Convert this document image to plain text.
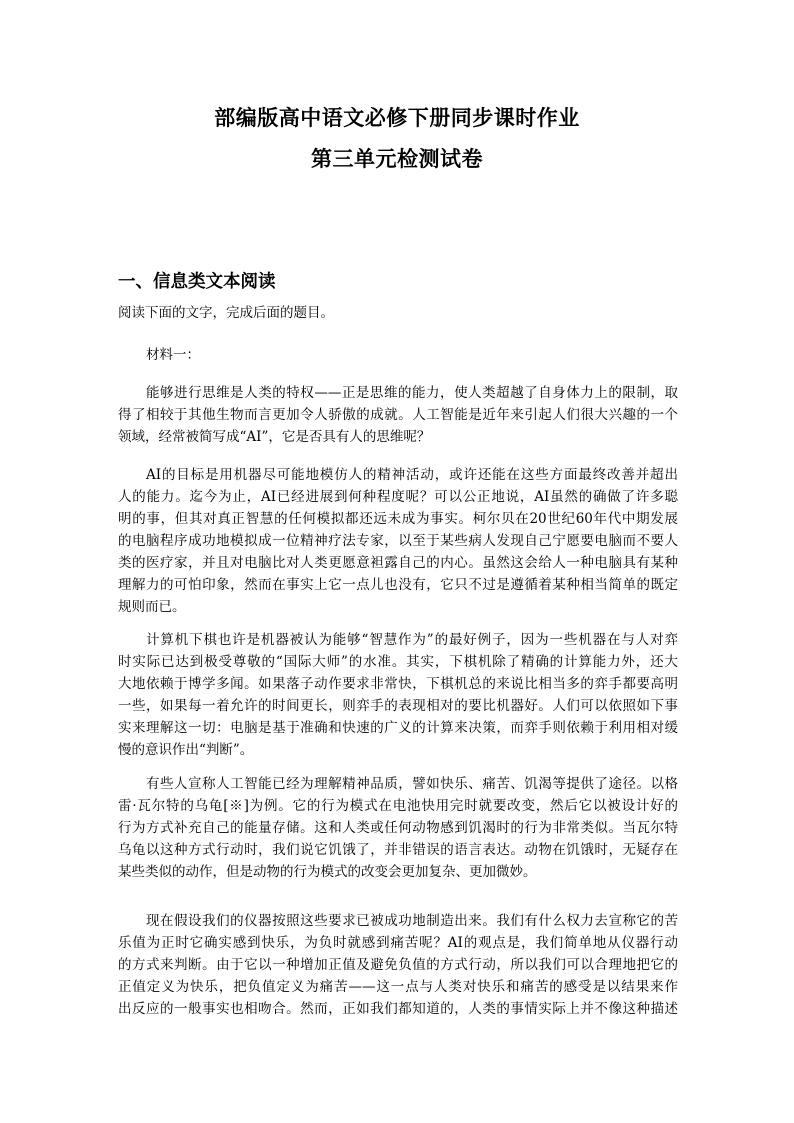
部编版高中语文必修下册同步课时作业
第三单元检测试卷
一、信息类文本阅读
阅读下面的文字，完成后面的题目。
材料一：
能够进行思维是人类的特权——正是思维的能力，使人类超越了自身体力上的限制，取
得了相较于其他生物而言更加令人骄傲的成就。人工智能是近年来引起人们很大兴趣的一个
领域，经常被简写成“AI”，它是否具有人的思维呢？
AI的目标是用机器尽可能地模仿人的精神活动，或许还能在这些方面最终改善并超出
人的能力。迄今为止，AI已经进展到何种程度呢？可以公正地说，AI虽然的确做了许多聪
明的事，但其对真正智慧的任何模拟都还远未成为事实。柯尔贝在20世纪60年代中期发展
的电脑程序成功地模拟成一位精神疗法专家，以至于某些病人发现自己宁愿要电脑而不要人
类的医疗家，并且对电脑比对人类更愿意袒露自己的内心。虽然这会给人一种电脑具有某种
理解力的可怕印象，然而在事实上它一点儿也没有，它只不过是遵循着某种相当简单的既定
规则而已。
计算机下棋也许是机器被认为能够“智慧作为”的最好例子，因为一些机器在与人对弈
时实际已达到极受尊敬的“国际大师”的水准。其实，下棋机除了精确的计算能力外，还大
大地依赖于博学多闻。如果落子动作要求非常快，下棋机总的来说比相当多的弈手都要高明
一些，如果每一着允许的时间更长，则弈手的表现相对的要比机器好。人们可以依照如下事
实来理解这一切：电脑是基于准确和快速的广义的计算来决策，而弈手则依赖于利用相对缓
慢的意识作出“判断”。
有些人宣称人工智能已经为理解精神品质，譬如快乐、痛苦、饥渴等提供了途径。以格
雷·瓦尔特的乌龟[※]为例。它的行为模式在电池快用完时就要改变，然后它以被设计好的
行为方式补充自己的能量存储。这和人类或任何动物感到饥渴时的行为非常类似。当瓦尔特
乌龟以这种方式行动时，我们说它饥饿了，并非错误的语言表达。动物在饥饿时，无疑存在
某些类似的动作，但是动物的行为模式的改变会更加复杂、更加微妙。
现在假设我们的仪器按照这些要求已被成功地制造出来。我们有什么权力去宣称它的苦
乐值为正时它确实感到快乐，为负时就感到痛苦呢？AI的观点是，我们简单地从仪器行动
的方式来判断。由于它以一种增加正值及避免负值的方式行动，所以我们可以合理地把它的
正值定义为快乐，把负值定义为痛苦——这一点与人类对快乐和痛苦的感受是以结果来作
出反应的一般事实也相吻合。然而，正如我们都知道的，人类的事情实际上并不像这种描述
